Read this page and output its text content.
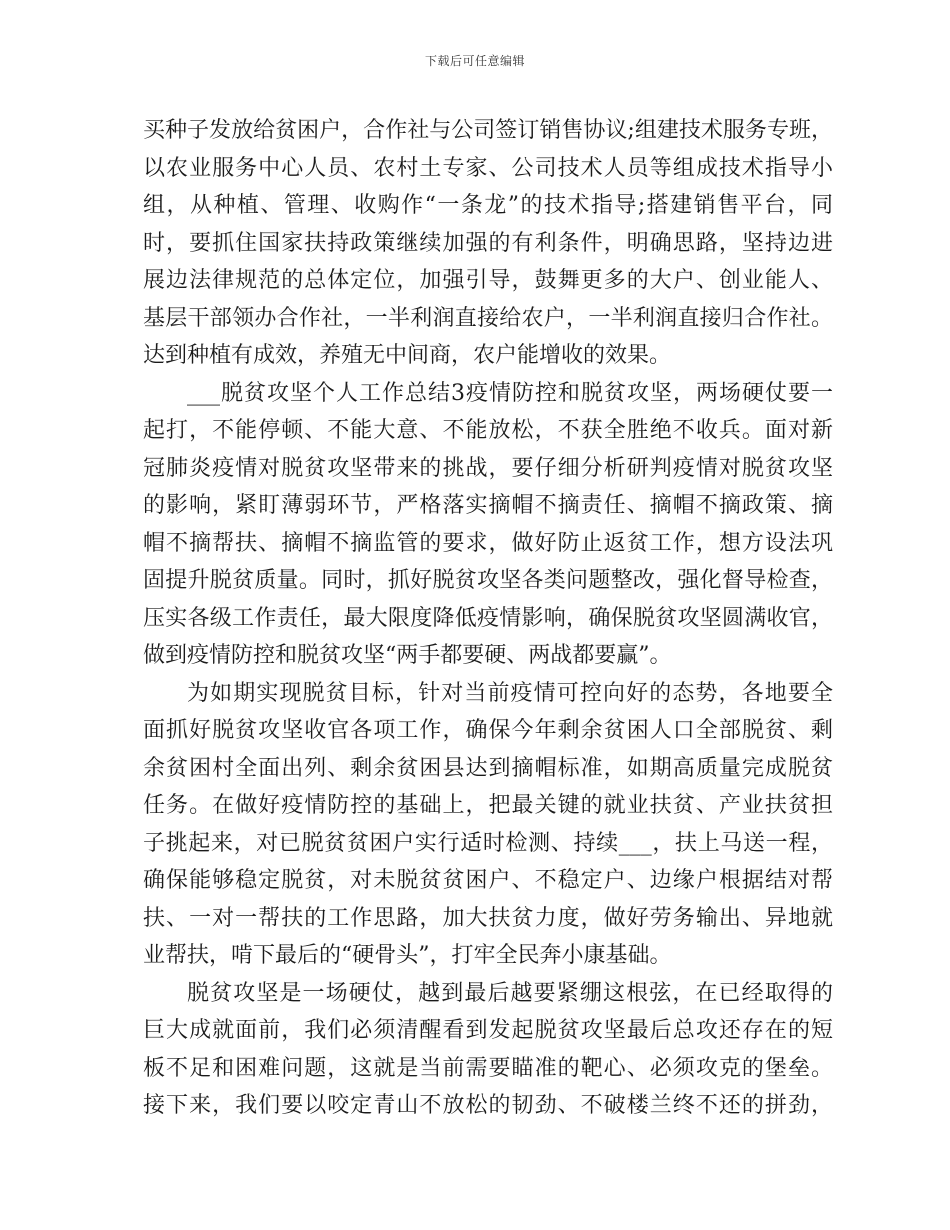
下载后可任意编辑
买种子发放给贫困户，合作社与公司签订销售协议;组建技术服务专班，
以农业服务中心人员、农村土专家、公司技术人员等组成技术指导小
组，从种植、管理、收购作“一条龙”的技术指导;搭建销售平台，同
时，要抓住国家扶持政策继续加强的有利条件，明确思路，坚持边进
展边法律规范的总体定位，加强引导，鼓舞更多的大户、创业能人、
基层干部领办合作社，一半利润直接给农户，一半利润直接归合作社。
达到种植有成效，养殖无中间商，农户能增收的效果。
___脱贫攻坚个人工作总结3疫情防控和脱贫攻坚，两场硬仗要一
起打，不能停顿、不能大意、不能放松，不获全胜绝不收兵。面对新
冠肺炎疫情对脱贫攻坚带来的挑战，要仔细分析研判疫情对脱贫攻坚
的影响，紧盯薄弱环节，严格落实摘帽不摘责任、摘帽不摘政策、摘
帽不摘帮扶、摘帽不摘监管的要求，做好防止返贫工作，想方设法巩
固提升脱贫质量。同时，抓好脱贫攻坚各类问题整改，强化督导检查，
压实各级工作责任，最大限度降低疫情影响，确保脱贫攻坚圆满收官，
做到疫情防控和脱贫攻坚“两手都要硬、两战都要赢”。
为如期实现脱贫目标，针对当前疫情可控向好的态势，各地要全
面抓好脱贫攻坚收官各项工作，确保今年剩余贫困人口全部脱贫、剩
余贫困村全面出列、剩余贫困县达到摘帽标准，如期高质量完成脱贫
任务。在做好疫情防控的基础上，把最关键的就业扶贫、产业扶贫担
子挑起来，对已脱贫贫困户实行适时检测、持续___，扶上马送一程，
确保能够稳定脱贫，对未脱贫贫困户、不稳定户、边缘户根据结对帮
扶、一对一帮扶的工作思路，加大扶贫力度，做好劳务输出、异地就
业帮扶，啃下最后的“硬骨头”，打牢全民奔小康基础。
脱贫攻坚是一场硬仗，越到最后越要紧绷这根弦，在已经取得的
巨大成就面前，我们必须清醒看到发起脱贫攻坚最后总攻还存在的短
板不足和困难问题，这就是当前需要瞄准的靶心、必须攻克的堡垒。
接下来，我们要以咬定青山不放松的韧劲、不破楼兰终不还的拼劲，
